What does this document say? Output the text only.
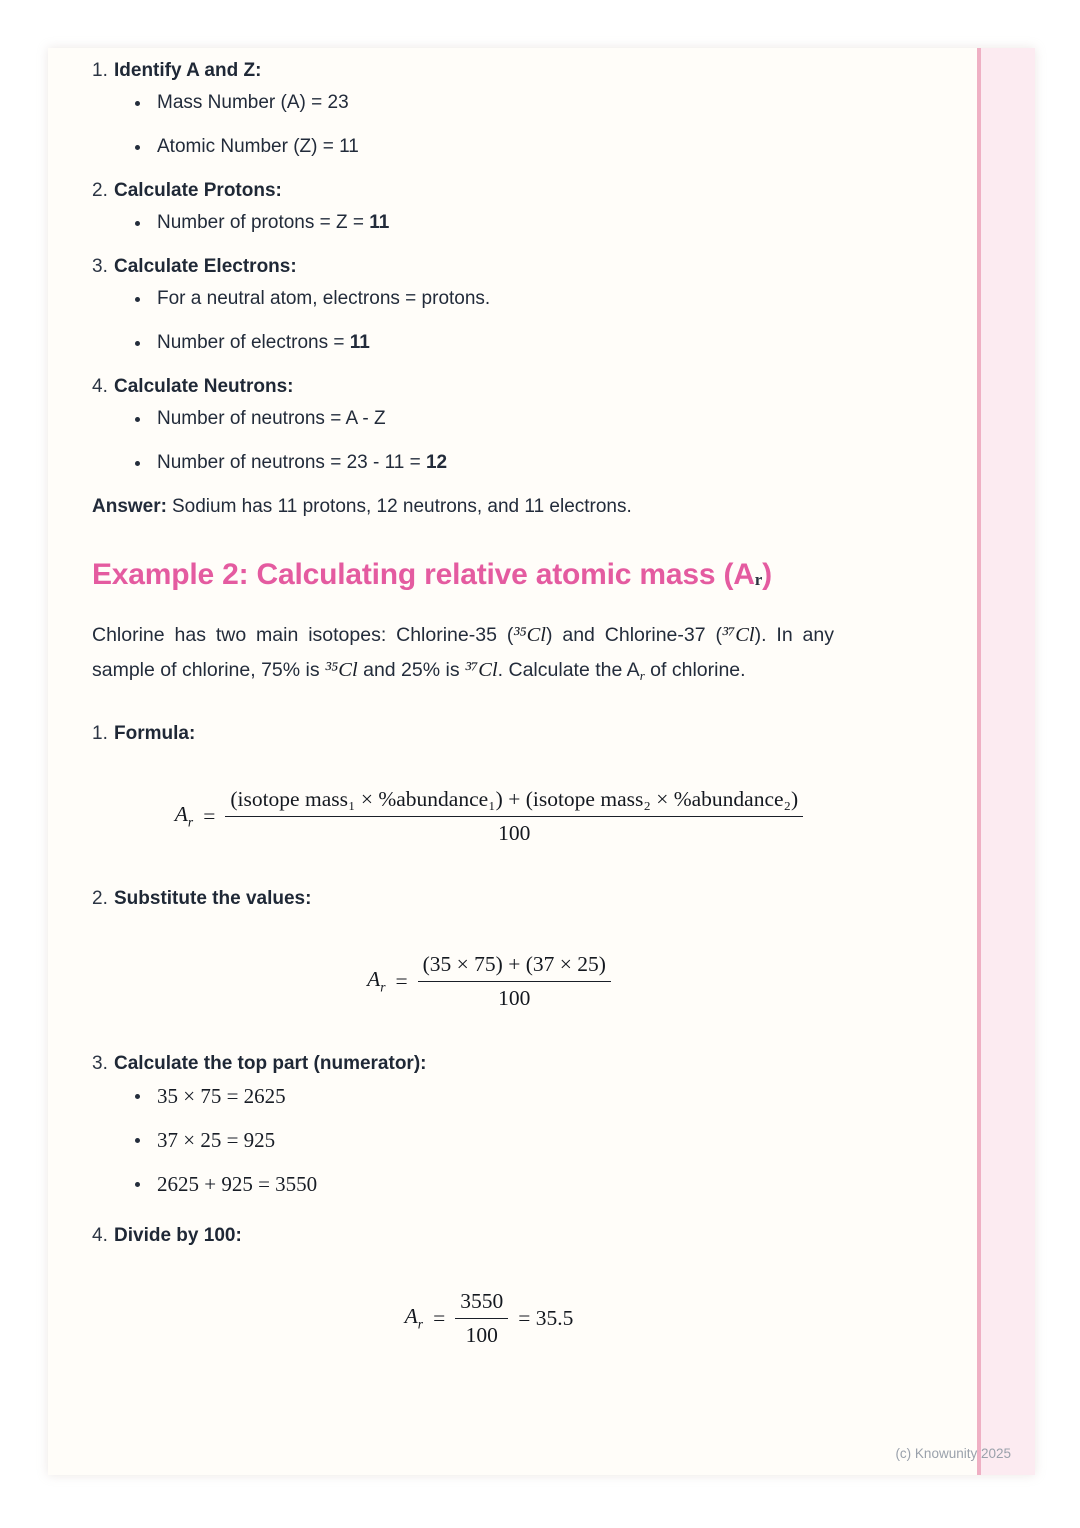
1. Identify A and Z:
Mass Number (A) = 23
Atomic Number (Z) = 11
2. Calculate Protons:
Number of protons = Z = 11
3. Calculate Electrons:
For a neutral atom, electrons = protons.
Number of electrons = 11
4. Calculate Neutrons:
Number of neutrons = A - Z
Number of neutrons = 23 - 11 = 12

Answer: Sodium has 11 protons, 12 neutrons, and 11 electrons.

Example 2: Calculating relative atomic mass (Ar)

Chlorine has two main isotopes: Chlorine-35 (³⁵Cl) and Chlorine-37 (³⁷Cl). In any sample of chlorine, 75% is ³⁵Cl and 25% is ³⁷Cl. Calculate the $A_r$ of chlorine.

1. Formula:
$A_r$ =
(isotope mass₁ × %abundance₁) + (isotope mass₂ × %abundance₂)
100
2. Substitute the values:
$A_r = \frac{(35 \times 75) + (37 \times 25)}{100}$
3. Calculate the top part (numerator):
35 × 75 = 2625
37 × 25 = 925
2625 + 925 = 3550
4. Divide by 100:
$A_r = \frac{3550}{100} = 35.5$
(c) Knowunity 2025
